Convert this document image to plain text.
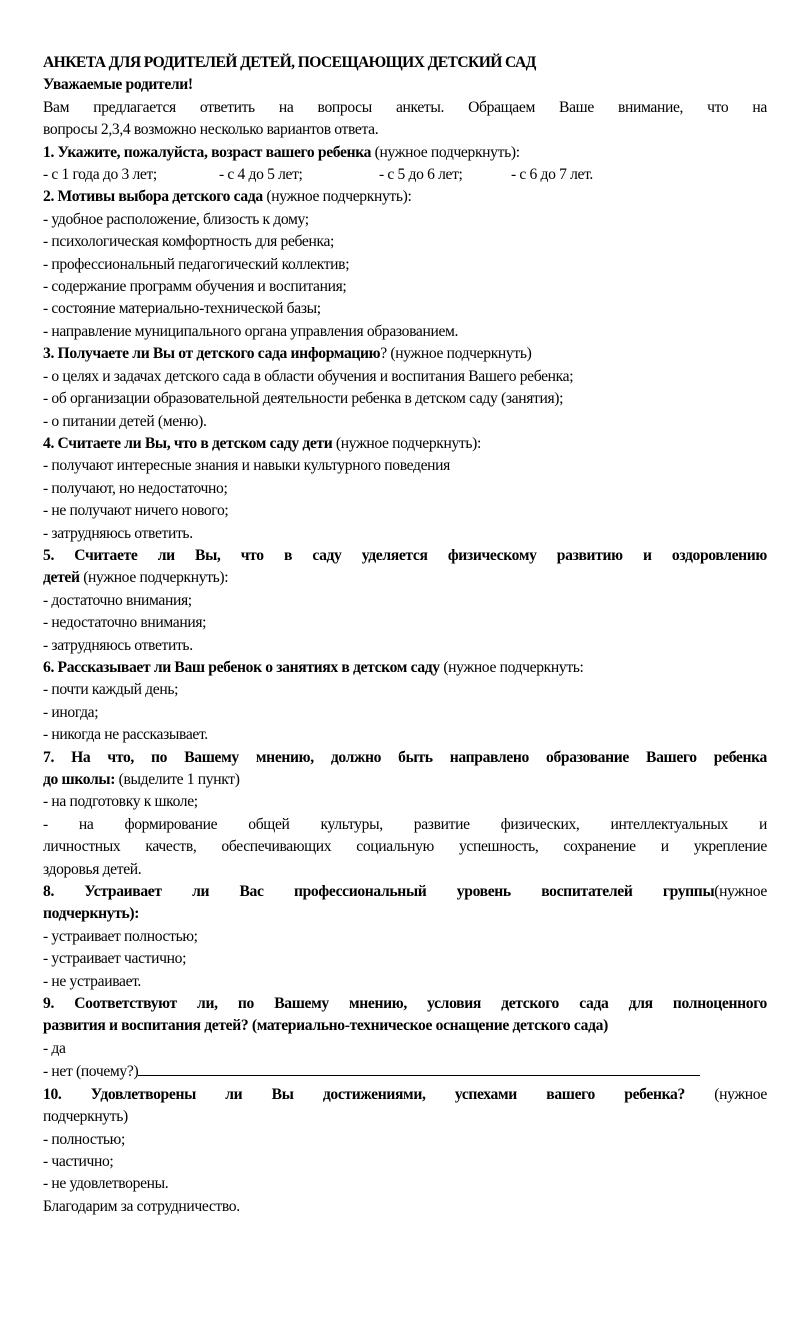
АНКЕТА ДЛЯ РОДИТЕЛЕЙ ДЕТЕЙ, ПОСЕЩАЮЩИХ ДЕТСКИЙ САД

Уважаемые родители!

Вам предлагается ответить на вопросы анкеты. Обращаем Ваше внимание, что на

вопросы 2,3,4 возможно несколько вариантов ответа.

1. Укажите, пожалуйста, возраст вашего ребенка (нужное подчеркнуть):

- с 1 года до 3 лет;	- с 4 до 5 лет;	- с 5 до 6 лет;	- с 6 до 7 лет.

2. Мотивы выбора детского сада (нужное подчеркнуть):

- удобное расположение, близость к дому;

- психологическая комфортность для ребенка;

- профессиональный педагогический коллектив;

- содержание программ обучения и воспитания;

- состояние материально-технической базы;

- направление муниципального органа управления образованием.

3. Получаете ли Вы от детского сада информацию? (нужное подчеркнуть)

- о целях и задачах детского сада в области обучения и воспитания Вашего ребенка;

- об организации образовательной деятельности ребенка в детском саду (занятия);

- о питании детей (меню).

4. Считаете ли Вы, что в детском саду дети (нужное подчеркнуть):

- получают интересные знания и навыки культурного поведения

- получают, но недостаточно;

- не получают ничего нового;

- затрудняюсь ответить.

5. Считаете ли Вы, что в саду уделяется физическому развитию и оздоровлению

детей (нужное подчеркнуть):

- достаточно внимания;

- недостаточно внимания;

- затрудняюсь ответить.

6. Рассказывает ли Ваш ребенок о занятиях в детском саду (нужное подчеркнуть:

- почти каждый день;

- иногда;

- никогда не рассказывает.

7. На что, по Вашему мнению, должно быть направлено образование Вашего ребенка

до школы: (выделите 1 пункт)

- на подготовку к школе;

- на формирование общей культуры, развитие физических, интеллектуальных и

личностных качеств, обеспечивающих социальную успешность, сохранение и укрепление

здоровья детей.

8. Устраивает ли Вас профессиональный уровень воспитателей группы(нужное

подчеркнуть):

- устраивает полностью;

- устраивает частично;

- не устраивает.

9. Соответствуют ли, по Вашему мнению, условия детского сада для полноценного

развития и воспитания детей? (материально-техническое оснащение детского сада)

- да

- нет (почему?)

10. Удовлетворены ли Вы достижениями, успехами вашего ребенка? (нужное

подчеркнуть)

- полностью;

- частично;

- не удовлетворены.

Благодарим за сотрудничество.
